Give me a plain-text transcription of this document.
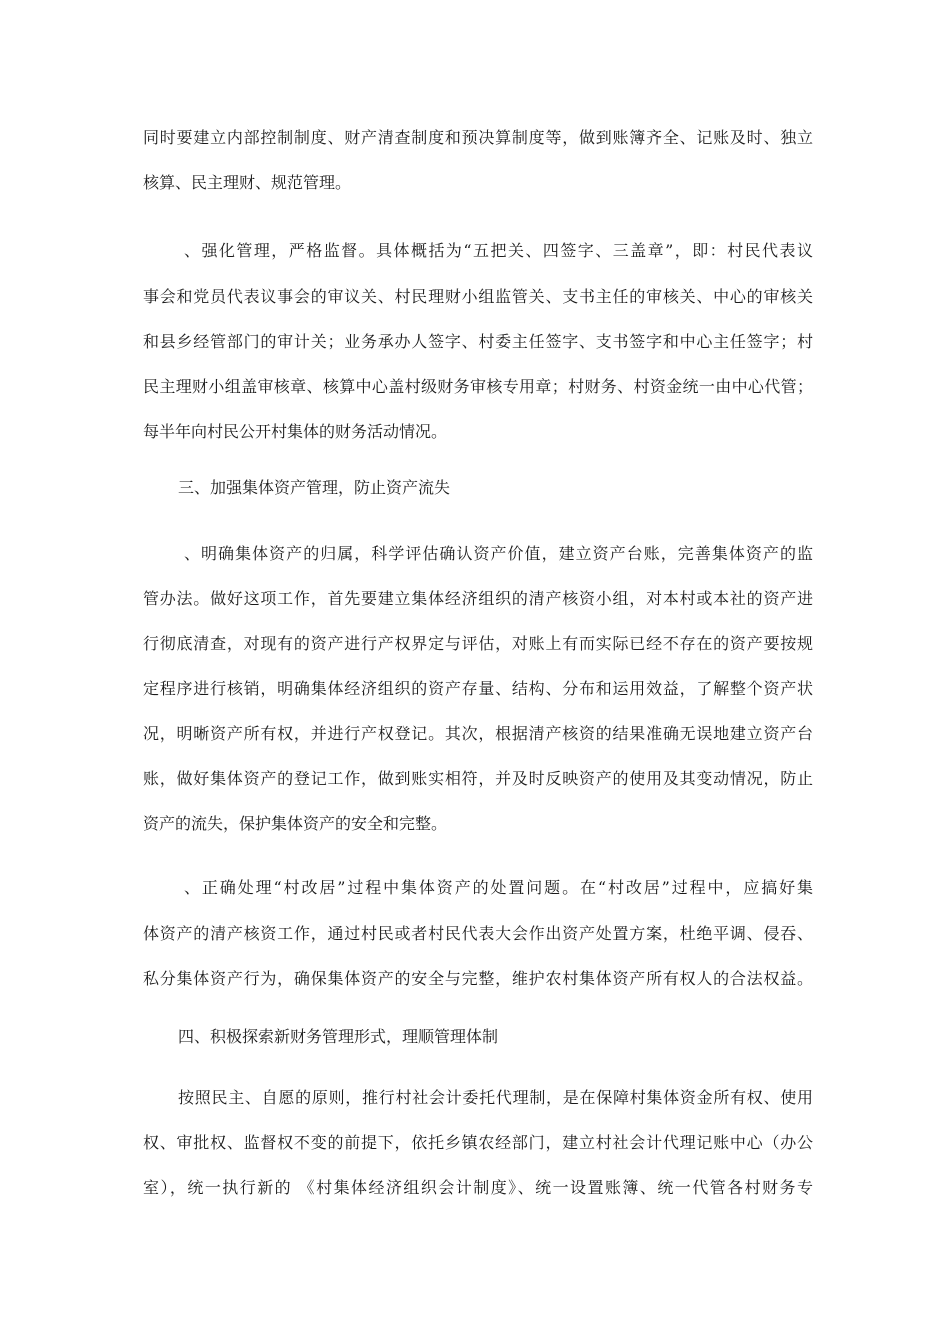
同时要建立内部控制制度、财产清查制度和预决算制度等，做到账簿齐全、记账及时、独立
核算、民主理财、规范管理。
、强化管理，严格监督。具体概括为“五把关、四签字、三盖章”，即：村民代表议
事会和党员代表议事会的审议关、村民理财小组监管关、支书主任的审核关、中心的审核关
和县乡经管部门的审计关；业务承办人签字、村委主任签字、支书签字和中心主任签字；村
民主理财小组盖审核章、核算中心盖村级财务审核专用章；村财务、村资金统一由中心代管；
每半年向村民公开村集体的财务活动情况。
三、加强集体资产管理，防止资产流失
、明确集体资产的归属，科学评估确认资产价值，建立资产台账，完善集体资产的监
管办法。做好这项工作，首先要建立集体经济组织的清产核资小组，对本村或本社的资产进
行彻底清查，对现有的资产进行产权界定与评估，对账上有而实际已经不存在的资产要按规
定程序进行核销，明确集体经济组织的资产存量、结构、分布和运用效益，了解整个资产状
况，明晰资产所有权，并进行产权登记。其次，根据清产核资的结果准确无误地建立资产台
账，做好集体资产的登记工作，做到账实相符，并及时反映资产的使用及其变动情况，防止
资产的流失，保护集体资产的安全和完整。
、正确处理“村改居”过程中集体资产的处置问题。在“村改居”过程中，应搞好集
体资产的清产核资工作，通过村民或者村民代表大会作出资产处置方案，杜绝平调、侵吞、
私分集体资产行为，确保集体资产的安全与完整，维护农村集体资产所有权人的合法权益。
四、积极探索新财务管理形式，理顺管理体制
按照民主、自愿的原则，推行村社会计委托代理制，是在保障村集体资金所有权、使用
权、审批权、监督权不变的前提下，依托乡镇农经部门，建立村社会计代理记账中心（办公
室），统一执行新的 《村集体经济组织会计制度》、统一设置账簿、统一代管各村财务专
